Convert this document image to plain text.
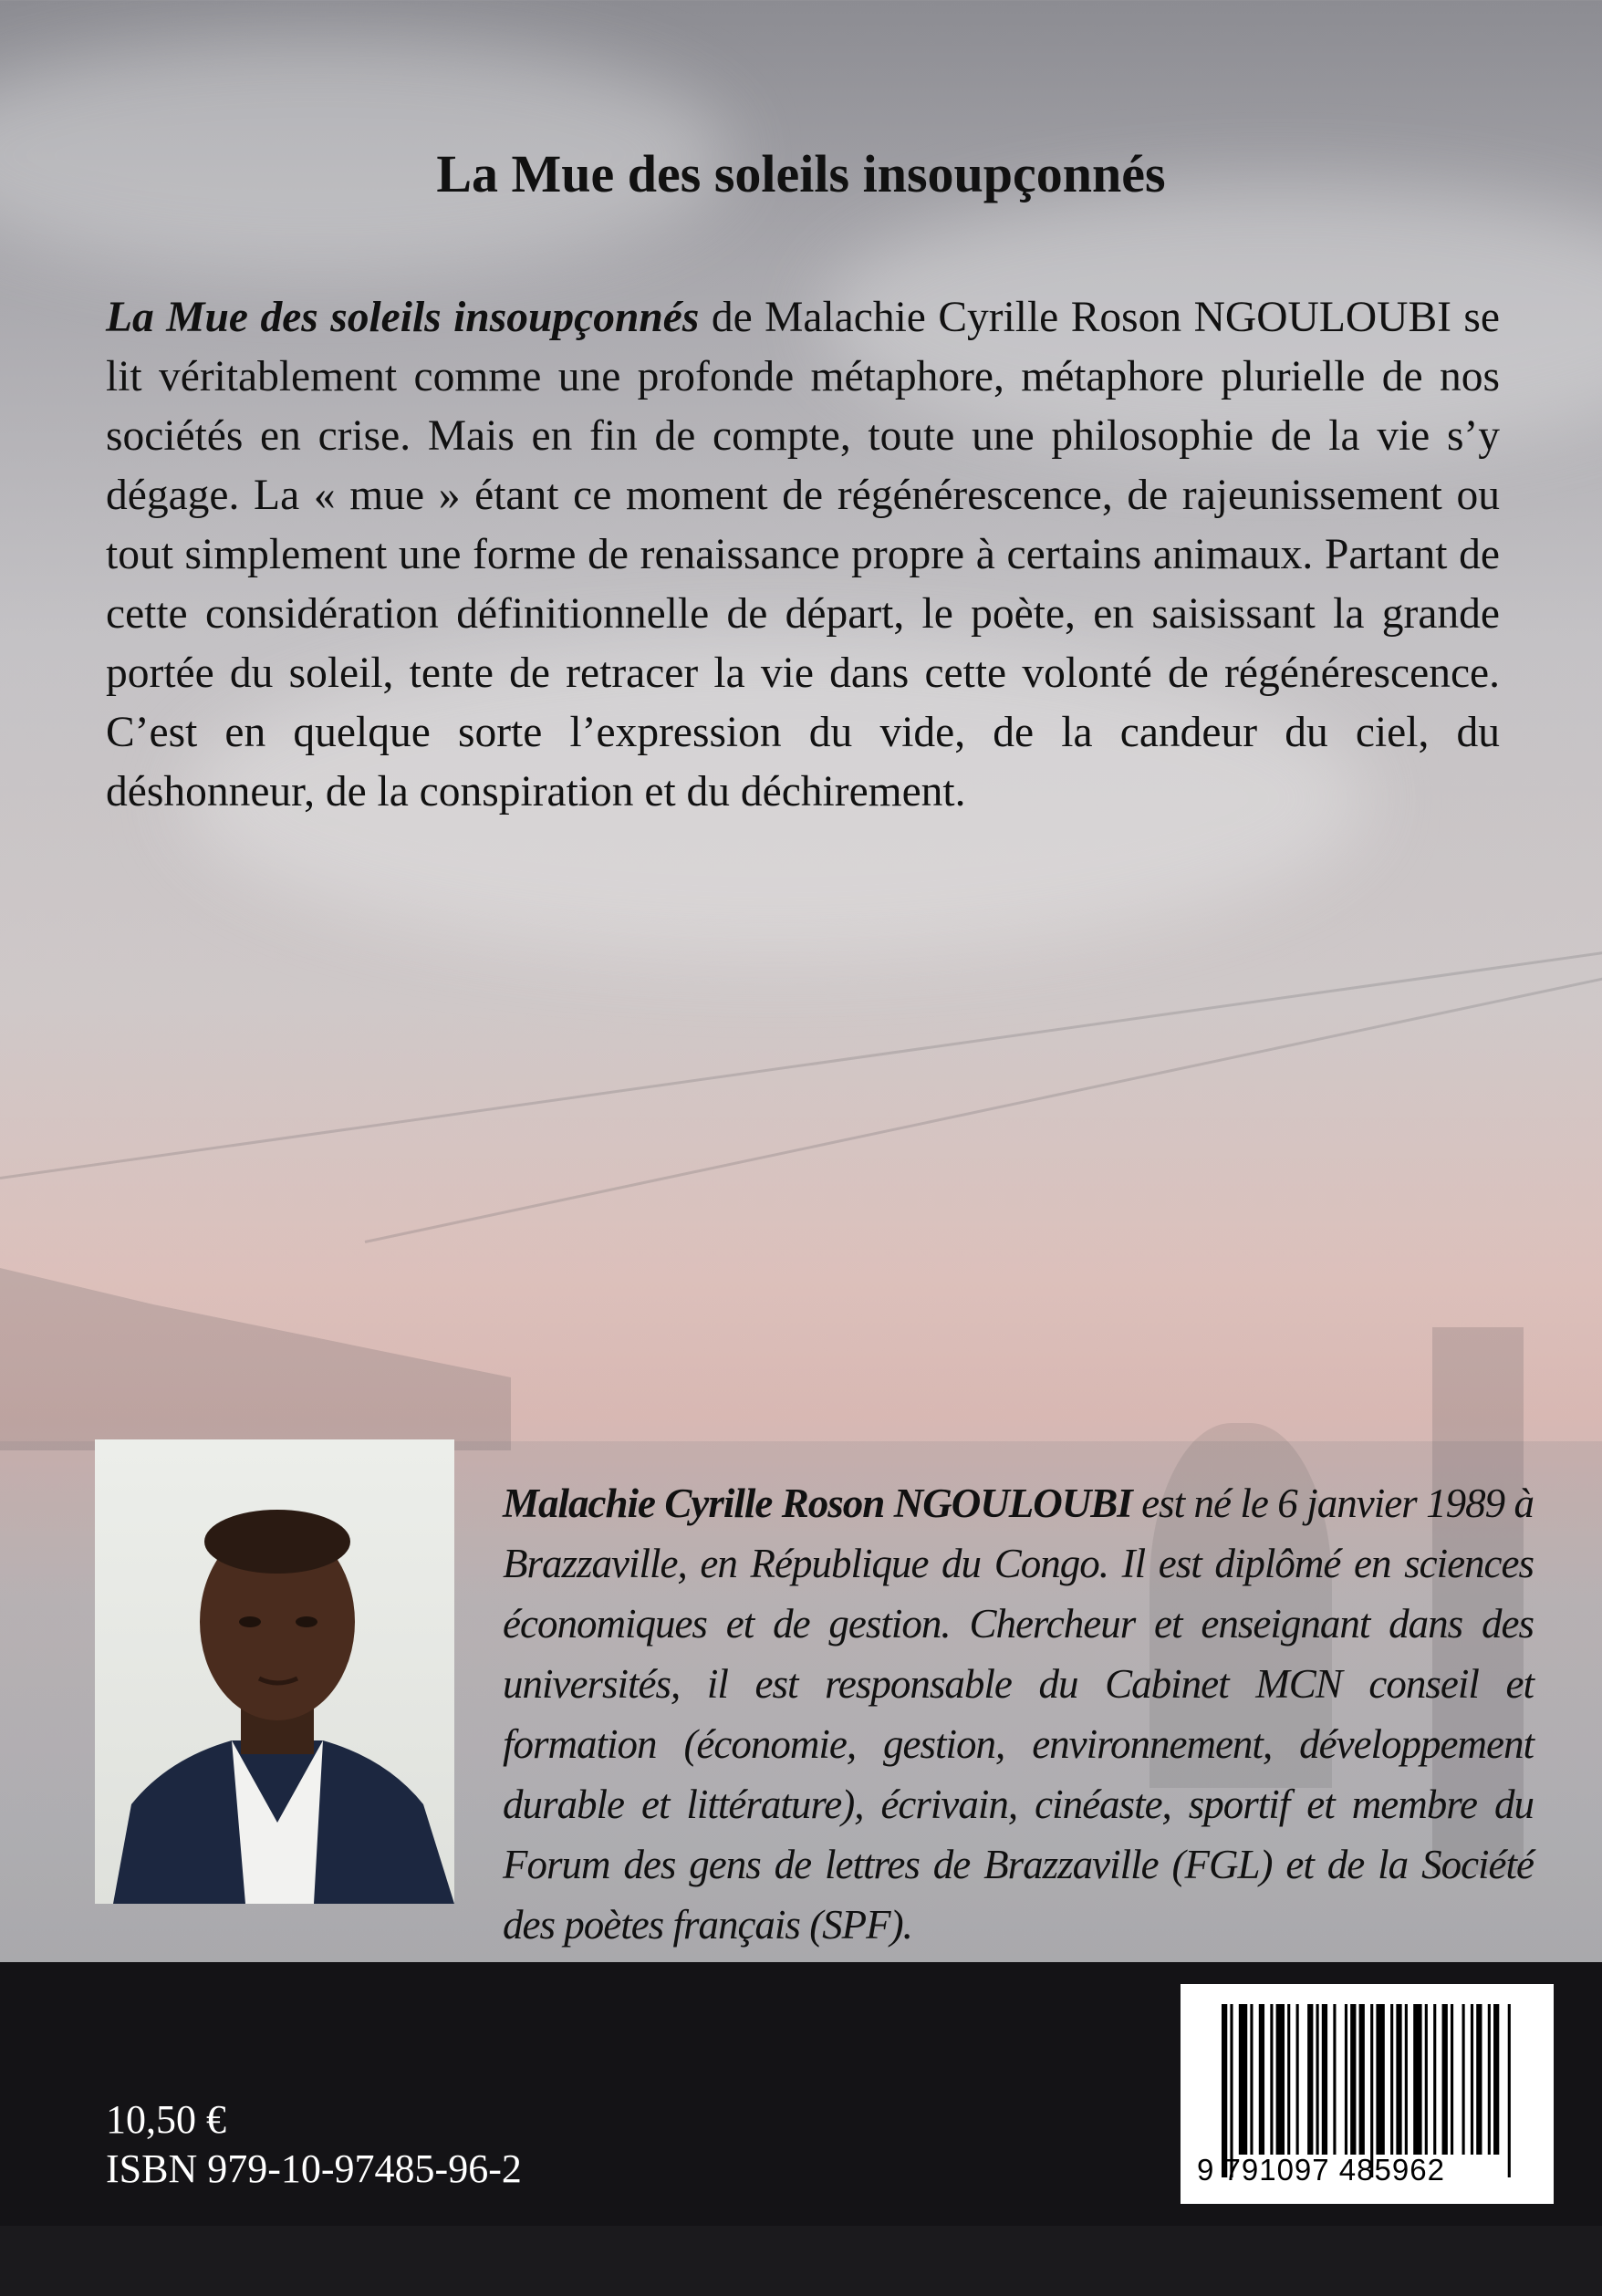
La Mue des soleils insoupçonnés

La Mue des soleils insoupçonnés de Malachie Cyrille Roson NGOULOUBI se lit véritablement comme une profonde métaphore, métaphore plurielle de nos sociétés en crise. Mais en fin de compte, toute une philosophie de la vie s’y dégage. La « mue » étant ce moment de régénérescence, de rajeunissement ou tout simplement une forme de renaissance propre à certains animaux. Partant de cette considération définitionnelle de départ, le poète, en saisissant la grande portée du soleil, tente de retracer la vie dans cette volonté de régénérescence. C’est en quelque sorte l’expression du vide, de la candeur du ciel, du déshonneur, de la conspiration et du déchirement.

Malachie Cyrille Roson NGOULOUBI est né le 6 janvier 1989 à Brazzaville, en République du Congo. Il est diplômé en sciences économiques et de gestion. Chercheur et enseignant dans des universités, il est responsable du Cabinet MCN conseil et formation (économie, gestion, environnement, développement durable et littérature), écrivain, cinéaste, sportif et membre du Forum des gens de lettres de Brazzaville (FGL) et de la Société des poètes français (SPF).

10,50 €
ISBN 979-10-97485-96-2	9 791097 485962
